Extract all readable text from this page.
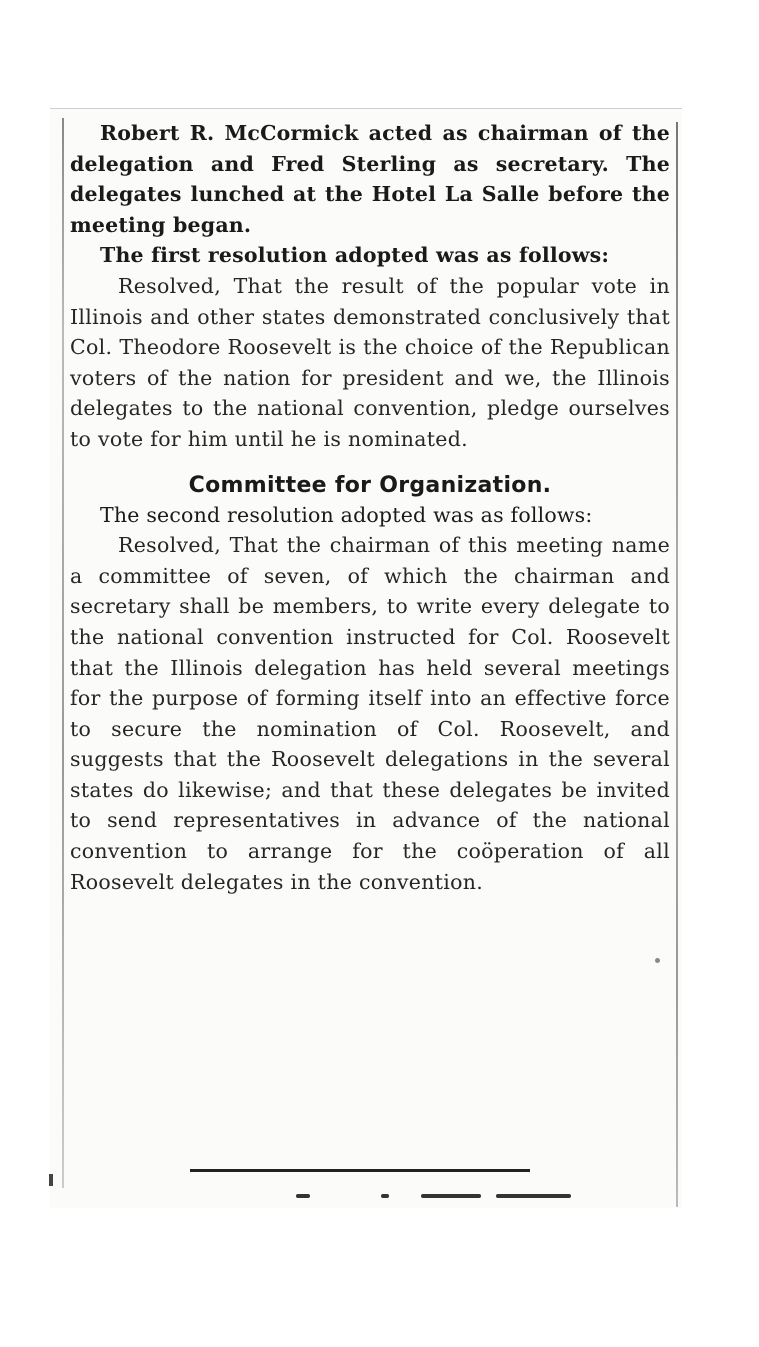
Robert R. McCormick acted as chairman of the delegation and Fred Sterling as secretary. The delegates lunched at the Hotel La Salle before the meeting began.

The first resolution adopted was as follows:

Resolved, That the result of the popular vote in Illinois and other states demonstrated conclusively that Col. Theodore Roosevelt is the choice of the Republican voters of the nation for president and we, the Illinois delegates to the national convention, pledge ourselves to vote for him until he is nominated.

Committee for Organization.

The second resolution adopted was as follows:

Resolved, That the chairman of this meeting name a committee of seven, of which the chairman and secretary shall be members, to write every delegate to the national convention instructed for Col. Roosevelt that the Illinois delegation has held several meetings for the purpose of forming itself into an effective force to secure the nomination of Col. Roosevelt, and suggests that the Roosevelt delegations in the several states do likewise; and that these delegates be invited to send representatives in advance of the national convention to arrange for the coöperation of all Roosevelt delegates in the convention.
